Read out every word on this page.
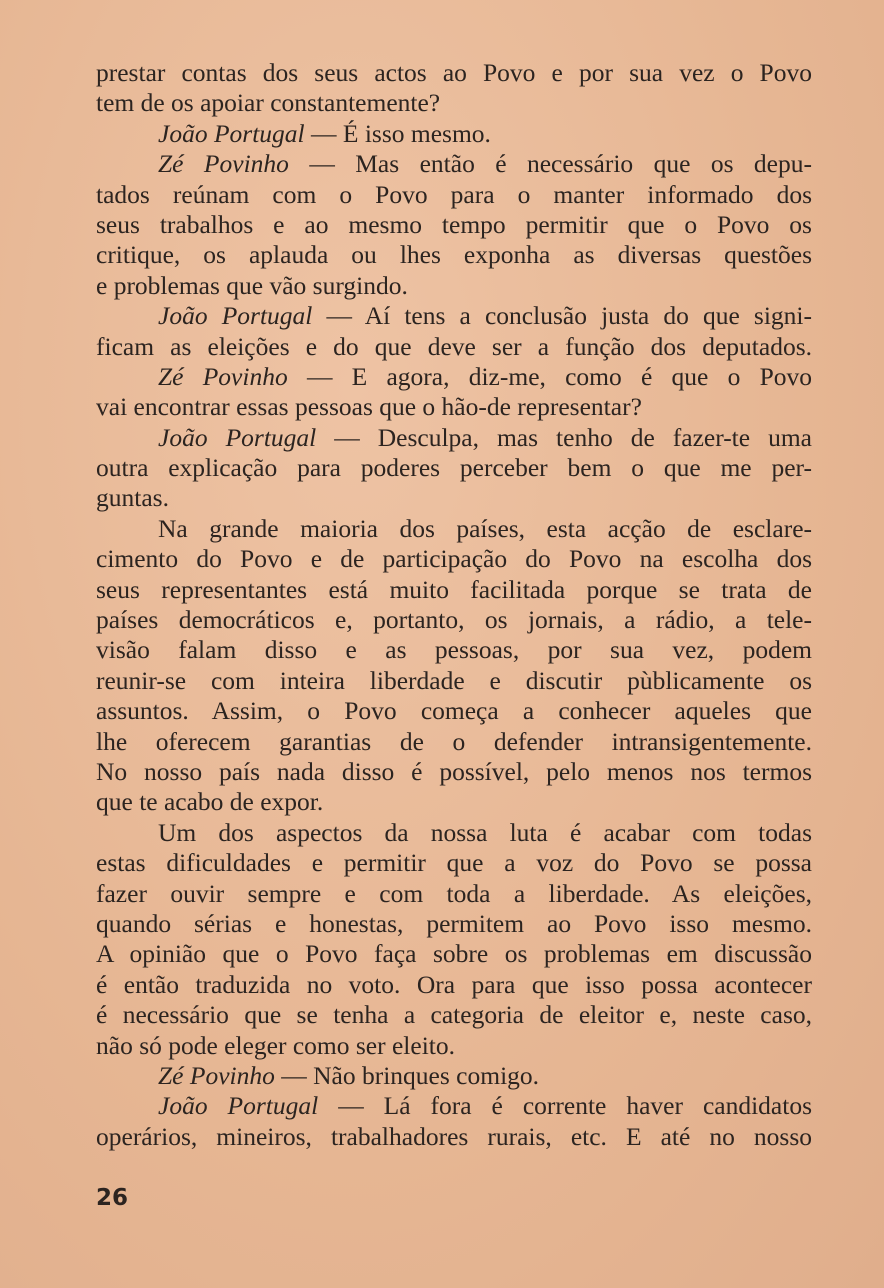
prestar contas dos seus actos ao Povo e por sua vez o Povo
tem de os apoiar constantemente?
João Portugal — É isso mesmo.
Zé Povinho — Mas então é necessário que os depu-
tados reúnam com o Povo para o manter informado dos
seus trabalhos e ao mesmo tempo permitir que o Povo os
critique, os aplauda ou lhes exponha as diversas questões
e problemas que vão surgindo.
João Portugal — Aí tens a conclusão justa do que signi-
ficam as eleições e do que deve ser a função dos deputados.
Zé Povinho — E agora, diz-me, como é que o Povo
vai encontrar essas pessoas que o hão-de representar?
João Portugal — Desculpa, mas tenho de fazer-te uma
outra explicação para poderes perceber bem o que me per-
guntas.
Na grande maioria dos países, esta acção de esclare-
cimento do Povo e de participação do Povo na escolha dos
seus representantes está muito facilitada porque se trata de
países democráticos e, portanto, os jornais, a rádio, a tele-
visão falam disso e as pessoas, por sua vez, podem
reunir-se com inteira liberdade e discutir pùblicamente os
assuntos. Assim, o Povo começa a conhecer aqueles que
lhe oferecem garantias de o defender intransigentemente.
No nosso país nada disso é possível, pelo menos nos termos
que te acabo de expor.
Um dos aspectos da nossa luta é acabar com todas
estas dificuldades e permitir que a voz do Povo se possa
fazer ouvir sempre e com toda a liberdade. As eleições,
quando sérias e honestas, permitem ao Povo isso mesmo.
A opinião que o Povo faça sobre os problemas em discussão
é então traduzida no voto. Ora para que isso possa acontecer
é necessário que se tenha a categoria de eleitor e, neste caso,
não só pode eleger como ser eleito.
Zé Povinho — Não brinques comigo.
João Portugal — Lá fora é corrente haver candidatos
operários, mineiros, trabalhadores rurais, etc. E até no nosso
26
